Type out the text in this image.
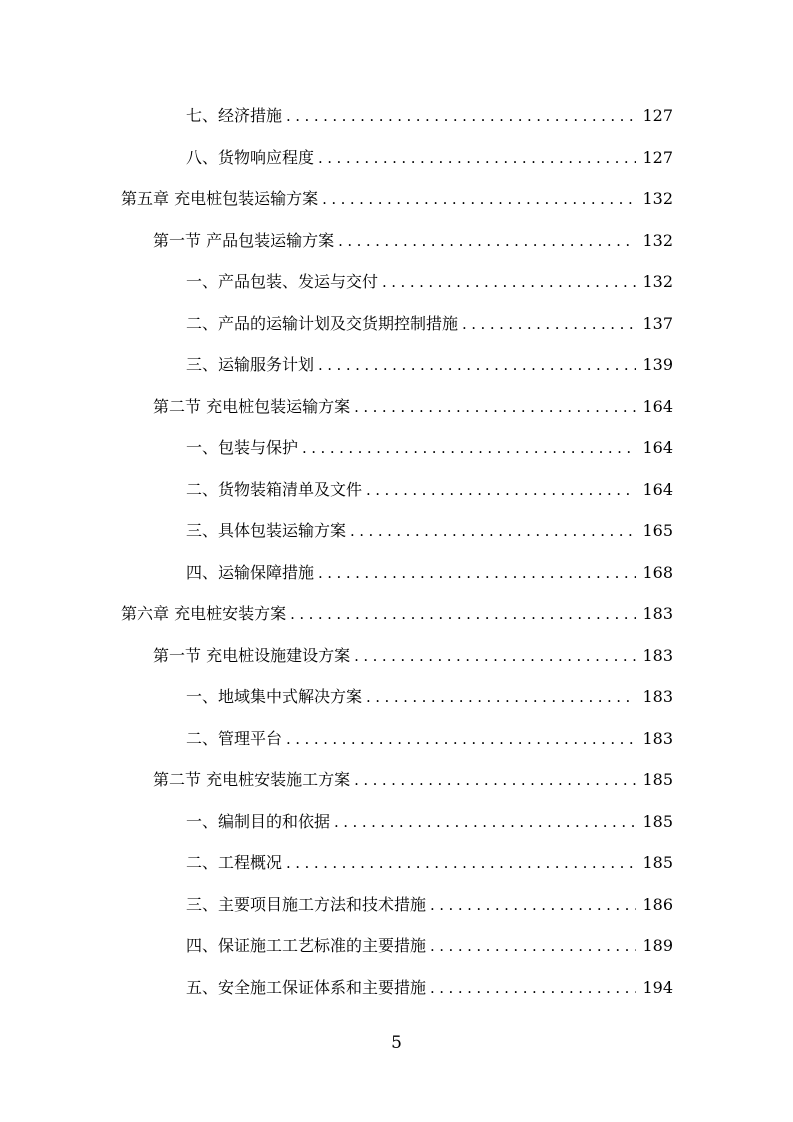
七、经济措施 .....	127
八、货物响应程度 .....	127
第五章 充电桩包装运输方案 .....	132
第一节 产品包装运输方案 .....	132
一、产品包装、发运与交付 .....	132
二、产品的运输计划及交货期控制措施 .....	137
三、运输服务计划 .....	139
第二节 充电桩包装运输方案 .....	164
一、包装与保护 .....	164
二、货物装箱清单及文件 .....	164
三、具体包装运输方案 .....	165
四、运输保障措施 .....	168
第六章 充电桩安装方案 .....	183
第一节 充电桩设施建设方案 .....	183
一、地域集中式解决方案 .....	183
二、管理平台 .....	183
第二节 充电桩安装施工方案 .....	185
一、编制目的和依据 .....	185
二、工程概况 .....	185
三、主要项目施工方法和技术措施 .....	186
四、保证施工工艺标准的主要措施 .....	189
五、安全施工保证体系和主要措施 .....	194
5
